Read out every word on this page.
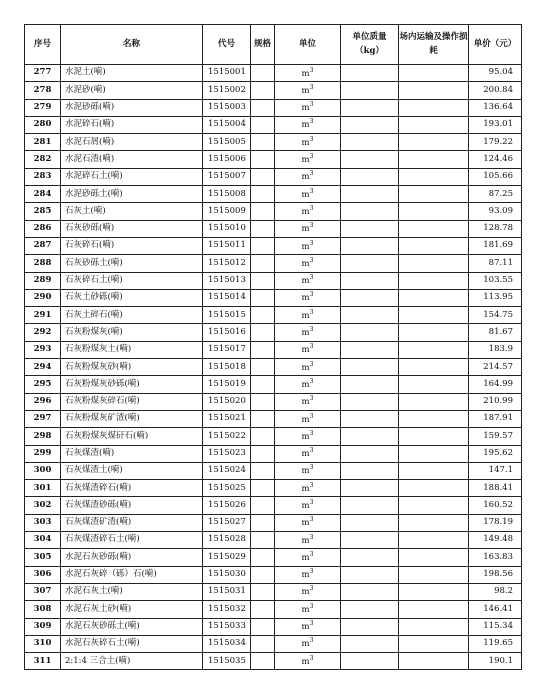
序号	名称	代号	规格	单位	单位质量（kg）	场内运输及操作损耗	单价（元）
277	水泥土(嗬)	1515001		$m^3$			95.04
278	水泥砂(嗬)	1515002		$m^3$			200.84
279	水泥砂砾(嗬)	1515003		$m^3$			136.64
280	水泥碎石(嗬)	1515004		$m^3$			193.01
281	水泥石屑(嗬)	1515005		$m^3$			179.22
282	水泥石渣(嗬)	1515006		$m^3$			124.46
283	水泥碎石土(嗬)	1515007		$m^3$			105.66
284	水泥砂砾土(嗬)	1515008		$m^3$			87.25
285	石灰土(嗬)	1515009		$m^3$			93.09
286	石灰砂砾(嗬)	1515010		$m^3$			128.78
287	石灰碎石(嗬)	1515011		$m^3$			181.69
288	石灰砂砾土(嗬)	1515012		$m^3$			87.11
289	石灰碎石土(嗬)	1515013		$m^3$			103.55
290	石灰土砂砾(嗬)	1515014		$m^3$			113.95
291	石灰土碎石(嗬)	1515015		$m^3$			154.75
292	石灰粉煤灰(嗬)	1515016		$m^3$			81.67
293	石灰粉煤灰土(嗬)	1515017		$m^3$			183.9
294	石灰粉煤灰砂(嗬)	1515018		$m^3$			214.57
295	石灰粉煤灰砂砾(嗬)	1515019		$m^3$			164.99
296	石灰粉煤灰碎石(嗬)	1515020		$m^3$			210.99
297	石灰粉煤灰矿渣(嗬)	1515021		$m^3$			187.91
298	石灰粉煤灰煤矸石(嗬)	1515022		$m^3$			159.57
299	石灰煤渣(嗬)	1515023		$m^3$			195.62
300	石灰煤渣土(嗬)	1515024		$m^3$			147.1
301	石灰煤渣碎石(嗬)	1515025		$m^3$			188.41
302	石灰煤渣砂砾(嗬)	1515026		$m^3$			160.52
303	石灰煤渣矿渣(嗬)	1515027		$m^3$			178.19
304	石灰煤渣碎石土(嗬)	1515028		$m^3$			149.48
305	水泥石灰砂砾(嗬)	1515029		$m^3$			163.83
306	水泥石灰碎（砾）石(嗬)	1515030		$m^3$			198.56
307	水泥石灰土(嗬)	1515031		$m^3$			98.2
308	水泥石灰土砂(嗬)	1515032		$m^3$			146.41
309	水泥石灰砂砾土(嗬)	1515033		$m^3$			115.34
310	水泥石灰碎石土(嗬)	1515034		$m^3$			119.65
311	2:1:4 三合土(嗬)	1515035		$m^3$			190.1
